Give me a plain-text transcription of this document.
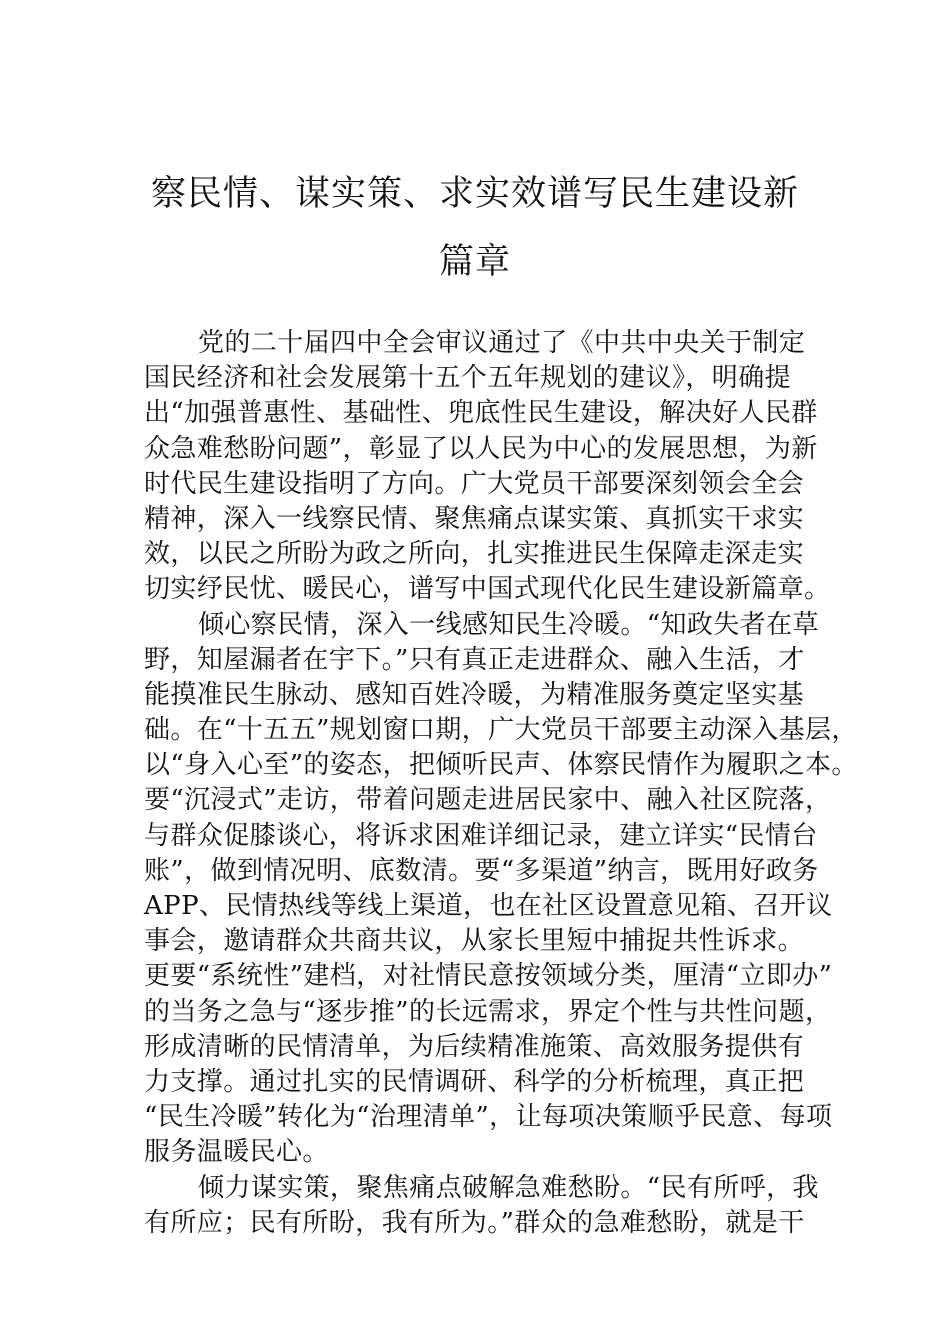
察民情、谋实策、求实效谱写民生建设新
篇章
党的二十届四中全会审议通过了《中共中央关于制定
国民经济和社会发展第十五个五年规划的建议》，明确提
出“加强普惠性、基础性、兜底性民生建设，解决好人民群
众急难愁盼问题”，彰显了以人民为中心的发展思想，为新
时代民生建设指明了方向。广大党员干部要深刻领会全会
精神，深入一线察民情、聚焦痛点谋实策、真抓实干求实
效，以民之所盼为政之所向，扎实推进民生保障走深走实
切实纾民忧、暖民心，谱写中国式现代化民生建设新篇章。
倾心察民情，深入一线感知民生冷暖。“知政失者在草
野，知屋漏者在宇下。”只有真正走进群众、融入生活，才
能摸准民生脉动、感知百姓冷暖，为精准服务奠定坚实基
础。在“十五五”规划窗口期，广大党员干部要主动深入基层，
以“身入心至”的姿态，把倾听民声、体察民情作为履职之本。
要“沉浸式”走访，带着问题走进居民家中、融入社区院落，
与群众促膝谈心，将诉求困难详细记录，建立详实“民情台
账”，做到情况明、底数清。要“多渠道”纳言，既用好政务
APP、民情热线等线上渠道，也在社区设置意见箱、召开议
事会，邀请群众共商共议，从家长里短中捕捉共性诉求。
更要“系统性”建档，对社情民意按领域分类，厘清“立即办”
的当务之急与“逐步推”的长远需求，界定个性与共性问题，
形成清晰的民情清单，为后续精准施策、高效服务提供有
力支撑。通过扎实的民情调研、科学的分析梳理，真正把
“民生冷暖”转化为“治理清单”，让每项决策顺乎民意、每项
服务温暖民心。
倾力谋实策，聚焦痛点破解急难愁盼。“民有所呼，我
有所应；民有所盼，我有所为。”群众的急难愁盼，就是干
